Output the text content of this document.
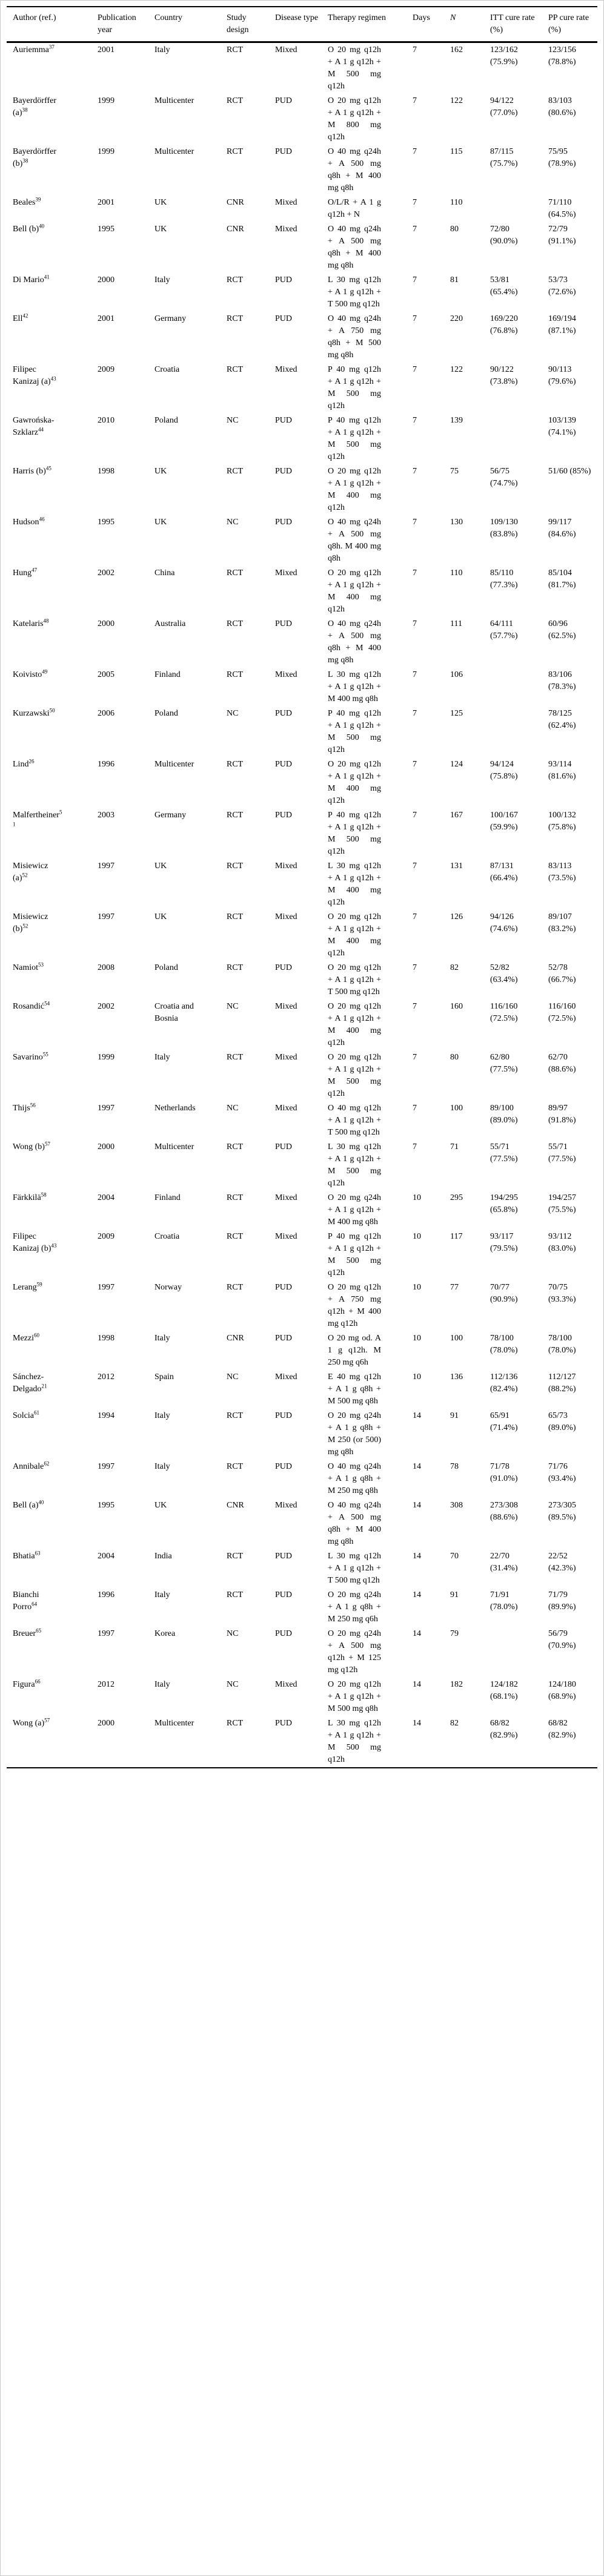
Author (ref.)	Publication year	Country	Study design	Disease type	Therapy regimen	Days	N	ITT cure rate (%)	PP cure rate (%)
Auriemma$^{37}$	2001	Italy	RCT	Mixed	O 20 mg q12h + A 1 g q12h + M 500 mg q12h	7	162	123/162 (75.9%)	123/156 (78.8%)
Bayerdörffer $(a)^{38}$	1999	Multicenter	RCT	PUD	O 20 mg q12h + A 1 g q12h + M 800 mg q12h	7	122	94/122 (77.0%)	83/103 (80.6%)
Bayerdörffer $(b)^{38}$	1999	Multicenter	RCT	PUD	O 40 mg q24h + A 500 mg q8h + M 400 mg q8h	7	115	87/115 (75.7%)	75/95 (78.9%)
Beales$^{39}$	2001	UK	CNR	Mixed	O/L/R + A 1 g q12h + N	7	110		71/110 (64.5%)
Bell $(b)^{40}$	1995	UK	CNR	Mixed	O 40 mg q24h + A 500 mg q8h + M 400 mg q8h	7	80	72/80 (90.0%)	72/79 (91.1%)
Di Mario$^{41}$	2000	Italy	RCT	PUD	L 30 mg q12h + A 1 g q12h + T 500 mg q12h	7	81	53/81 (65.4%)	53/73 (72.6%)
Ell$^{42}$	2001	Germany	RCT	PUD	O 40 mg q24h + A 750 mg q8h + M 500 mg q8h	7	220	169/220 (76.8%)	169/194 (87.1%)
Filipec Kanizaj $(a)^{43}$	2009	Croatia	RCT	Mixed	P 40 mg q12h + A 1 g q12h + M 500 mg q12h	7	122	90/122 (73.8%)	90/113 (79.6%)
Gawrońska-Szklarz$^{44}$	2010	Poland	NC	PUD	P 40 mg q12h + A 1 g q12h + M 500 mg q12h	7	139		103/139 (74.1%)
Harris $(b)^{45}$	1998	UK	RCT	PUD	O 20 mg q12h + A 1 g q12h + M 400 mg q12h	7	75	56/75 (74.7%)	51/60 (85%)
Hudson$^{46}$	1995	UK	NC	PUD	O 40 mg q24h + A 500 mg q8h. M 400 mg q8h	7	130	109/130 (83.8%)	99/117 (84.6%)
Hung$^{47}$	2002	China	RCT	Mixed	O 20 mg q12h + A 1 g q12h + M 400 mg q12h	7	110	85/110 (77.3%)	85/104 (81.7%)
Katelaris$^{48}$	2000	Australia	RCT	PUD	O 40 mg q24h + A 500 mg q8h + M 400 mg q8h	7	111	64/111 (57.7%)	60/96 (62.5%)
Koivisto$^{49}$	2005	Finland	RCT	Mixed	L 30 mg q12h + A 1 g q12h + M 400 mg q8h	7	106		83/106 (78.3%)
Kurzawski$^{50}$	2006	Poland	NC	PUD	P 40 mg q12h + A 1 g q12h + M 500 mg q12h	7	125		78/125 (62.4%)
Lind$^{26}$	1996	Multicenter	RCT	PUD	O 20 mg q12h + A 1 g q12h + M 400 mg q12h	7	124	94/124 (75.8%)	93/114 (81.6%)
Malfertheiner$^{51}$	2003	Germany	RCT	PUD	P 40 mg q12h + A 1 g q12h + M 500 mg q12h	7	167	100/167 (59.9%)	100/132 (75.8%)
Misiewicz $(a)^{52}$	1997	UK	RCT	Mixed	L 30 mg q12h + A 1 g q12h + M 400 mg q12h	7	131	87/131 (66.4%)	83/113 (73.5%)
Misiewicz $(b)^{52}$	1997	UK	RCT	Mixed	O 20 mg q12h + A 1 g q12h + M 400 mg q12h	7	126	94/126 (74.6%)	89/107 (83.2%)
Namiot$^{53}$	2008	Poland	RCT	PUD	O 20 mg q12h + A 1 g q12h + T 500 mg q12h	7	82	52/82 (63.4%)	52/78 (66.7%)
Rosandić$^{54}$	2002	Croatia and Bosnia	NC	Mixed	O 20 mg q12h + A 1 g q12h + M 400 mg q12h	7	160	116/160 (72.5%)	116/160 (72.5%)
Savarino$^{55}$	1999	Italy	RCT	Mixed	O 20 mg q12h + A 1 g q12h + M 500 mg q12h	7	80	62/80 (77.5%)	62/70 (88.6%)
Thijs$^{56}$	1997	Netherlands	NC	Mixed	O 40 mg q12h + A 1 g q12h + T 500 mg q12h	7	100	89/100 (89.0%)	89/97 (91.8%)
Wong $(b)^{57}$	2000	Multicenter	RCT	PUD	L 30 mg q12h + A 1 g q12h + M 500 mg q12h	7	71	55/71 (77.5%)	55/71 (77.5%)
Färkkilä$^{58}$	2004	Finland	RCT	Mixed	O 20 mg q24h + A 1 g q12h + M 400 mg q8h	10	295	194/295 (65.8%)	194/257 (75.5%)
Filipec Kanizaj $(b)^{43}$	2009	Croatia	RCT	Mixed	P 40 mg q12h + A 1 g q12h + M 500 mg q12h	10	117	93/117 (79.5%)	93/112 (83.0%)
Lerang$^{59}$	1997	Norway	RCT	PUD	O 20 mg q12h + A 750 mg q12h + M 400 mg q12h	10	77	70/77 (90.9%)	70/75 (93.3%)
Mezzi$^{60}$	1998	Italy	CNR	PUD	O 20 mg od. A 1 g q12h. M 250 mg q6h	10	100	78/100 (78.0%)	78/100 (78.0%)
Sánchez-Delgado$^{21}$	2012	Spain	NC	Mixed	E 40 mg q12h + A 1 g q8h + M 500 mg q8h	10	136	112/136 (82.4%)	112/127 (88.2%)
Solcia$^{61}$	1994	Italy	RCT	PUD	O 20 mg q24h + A 1 g q8h + M 250 (or 500) mg q8h	14	91	65/91 (71.4%)	65/73 (89.0%)
Annibale$^{62}$	1997	Italy	RCT	PUD	O 40 mg q24h + A 1 g q8h + M 250 mg q8h	14	78	71/78 (91.0%)	71/76 (93.4%)
Bell $(a)^{40}$	1995	UK	CNR	Mixed	O 40 mg q24h + A 500 mg q8h + M 400 mg q8h	14	308	273/308 (88.6%)	273/305 (89.5%)
Bhatia$^{63}$	2004	India	RCT	PUD	L 30 mg q12h + A 1 g q12h + T 500 mg q12h	14	70	22/70 (31.4%)	22/52 (42.3%)
Bianchi Porro$^{64}$	1996	Italy	RCT	PUD	O 20 mg q24h + A 1 g q8h + M 250 mg q6h	14	91	71/91 (78.0%)	71/79 (89.9%)
Breuer$^{65}$	1997	Korea	NC	PUD	O 20 mg q24h + A 500 mg q12h + M 125 mg q12h	14	79		56/79 (70.9%)
Figura$^{66}$	2012	Italy	NC	Mixed	O 20 mg q12h + A 1 g q12h + M 500 mg q8h	14	182	124/182 (68.1%)	124/180 (68.9%)
Wong $(a)^{57}$	2000	Multicenter	RCT	PUD	L 30 mg q12h + A 1 g q12h + M 500 mg q12h	14	82	68/82 (82.9%)	68/82 (82.9%)
